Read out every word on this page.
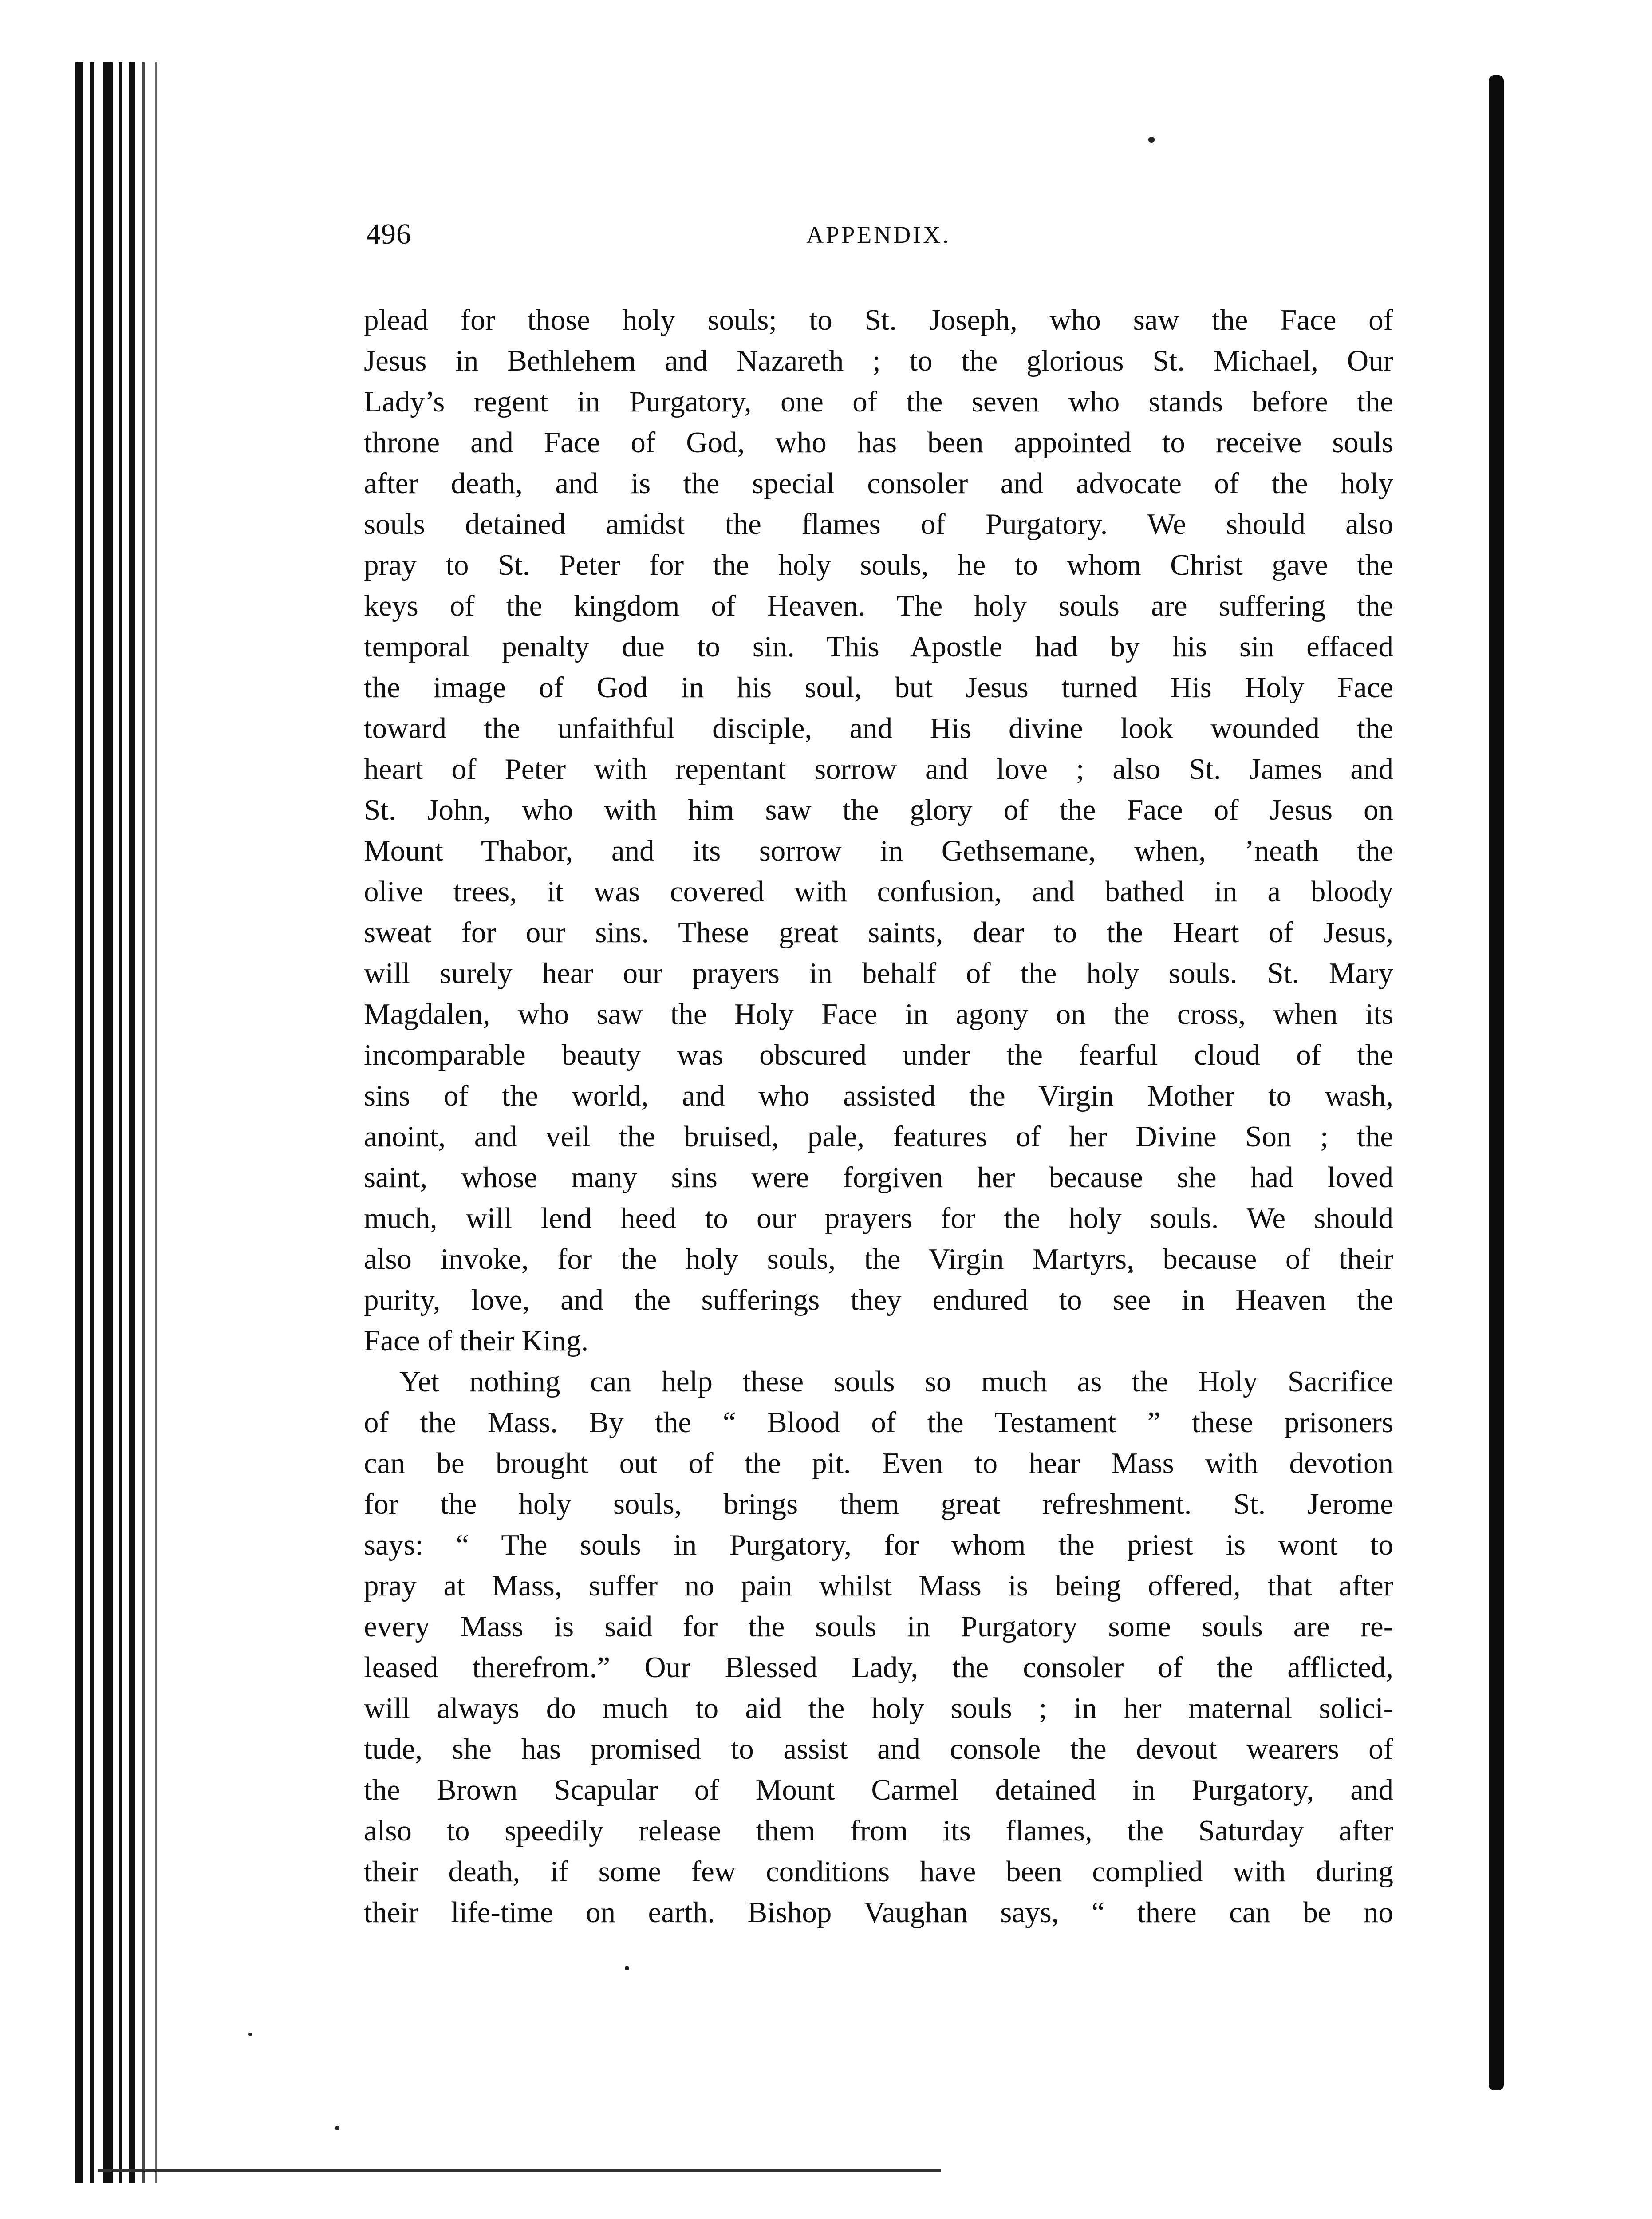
496	APPENDIX.
plead for those holy souls; to St. Joseph, who saw the Face of
Jesus in Bethlehem and Nazareth ; to the glorious St. Michael, Our
Lady’s regent in Purgatory, one of the seven who stands before the
throne and Face of God, who has been appointed to receive souls
after death, and is the special consoler and advocate of the holy
souls detained amidst the flames of Purgatory. We should also
pray to St. Peter for the holy souls, he to whom Christ gave the
keys of the kingdom of Heaven. The holy souls are suffering the
temporal penalty due to sin. This Apostle had by his sin effaced
the image of God in his soul, but Jesus turned His Holy Face
toward the unfaithful disciple, and His divine look wounded the
heart of Peter with repentant sorrow and love ; also St. James and
St. John, who with him saw the glory of the Face of Jesus on
Mount Thabor, and its sorrow in Gethsemane, when, ’neath the
olive trees, it was covered with confusion, and bathed in a bloody
sweat for our sins. These great saints, dear to the Heart of Jesus,
will surely hear our prayers in behalf of the holy souls. St. Mary
Magdalen, who saw the Holy Face in agony on the cross, when its
incomparable beauty was obscured under the fearful cloud of the
sins of the world, and who assisted the Virgin Mother to wash,
anoint, and veil the bruised, pale, features of her Divine Son ; the
saint, whose many sins were forgiven her because she had loved
much, will lend heed to our prayers for the holy souls. We should
also invoke, for the holy souls, the Virgin Martyrs, because of their
purity, love, and the sufferings they endured to see in Heaven the
Face of their King.
Yet nothing can help these souls so much as the Holy Sacrifice
of the Mass. By the “ Blood of the Testament ” these prisoners
can be brought out of the pit. Even to hear Mass with devotion
for the holy souls, brings them great refreshment. St. Jerome
says: “ The souls in Purgatory, for whom the priest is wont to
pray at Mass, suffer no pain whilst Mass is being offered, that after
every Mass is said for the souls in Purgatory some souls are re-
leased therefrom.” Our Blessed Lady, the consoler of the afflicted,
will always do much to aid the holy souls ; in her maternal solici-
tude, she has promised to assist and console the devout wearers of
the Brown Scapular of Mount Carmel detained in Purgatory, and
also to speedily release them from its flames, the Saturday after
their death, if some few conditions have been complied with during
their life-time on earth. Bishop Vaughan says, “ there can be no
